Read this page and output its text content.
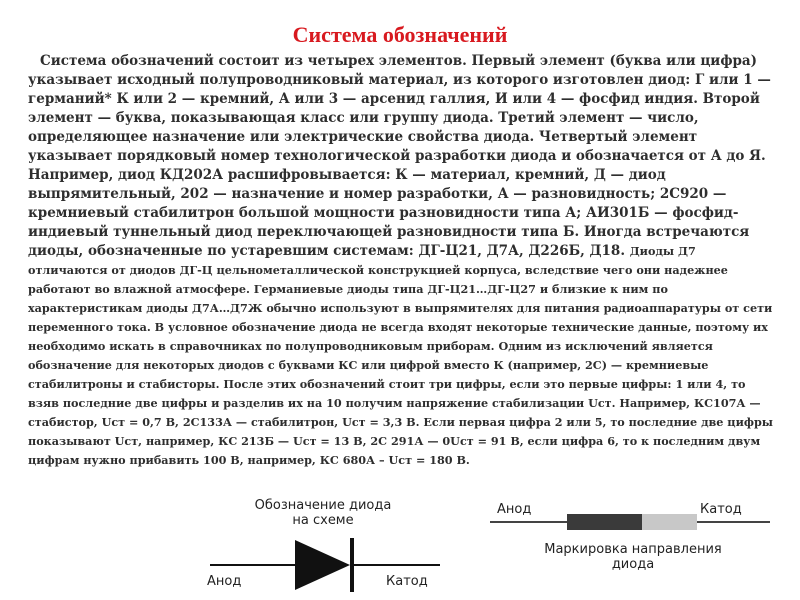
Система обозначений

Система обозначений состоит из четырех элементов. Первый элемент (буква или цифра) указывает исходный полупроводниковый материал, из которого изготовлен диод: Г или 1 — германий* К или 2 — кремний, А или 3 — арсенид галлия, И или 4 — фосфид индия. Второй элемент — буква, показывающая класс или группу диода. Третий элемент — число, определяющее назначение или электрические свойства диода. Четвертый элемент указывает порядковый номер технологической разработки диода и обозначается от А до Я. Например, диод КД202А расшифровывается: К — материал, кремний, Д — диод выпрямительный, 202 — назначение и номер разработки, А — разновидность; 2С920 — кремниевый стабилитрон большой мощности разновидности типа А; АИ301Б — фосфид-индиевый туннельный диод переключающей разновидности типа Б. Иногда встречаются диоды, обозначенные по устаревшим системам: ДГ-Ц21, Д7А, Д226Б, Д18. Диоды Д7 отличаются от диодов ДГ-Ц цельнометаллической конструкцией корпуса, вследствие чего они надежнее работают во влажной атмосфере. Германиевые диоды типа ДГ-Ц21…ДГ-Ц27 и близкие к ним по характеристикам диоды Д7А…Д7Ж обычно используют в выпрямителях для питания радиоаппаратуры от сети переменного тока. В условное обозначение диода не всегда входят некоторые технические данные, поэтому их необходимо искать в справочниках по полупроводниковым приборам. Одним из исключений является обозначение для некоторых диодов с буквами КС или цифрой вместо К (например, 2С) — кремниевые стабилитроны и стабисторы. После этих обозначений стоит три цифры, если это первые цифры: 1 или 4, то взяв последние две цифры и разделив их на 10 получим напряжение стабилизации Uст. Например, КС107А — стабистор, Uст = 0,7 В, 2С133А — стабилитрон, Uст = 3,3 В. Если первая цифра 2 или 5, то последние две цифры показывают Uст, например, КС 213Б — Uст = 13 В, 2С 291А — 0Uст = 91 В, если цифра 6, то к последним двум цифрам нужно прибавить 100 В, например, КС 680А – Uст = 180 В.

Обозначение диода
на схеме
Анод	Катод
Анод	Катод
Маркировка направления
диода
